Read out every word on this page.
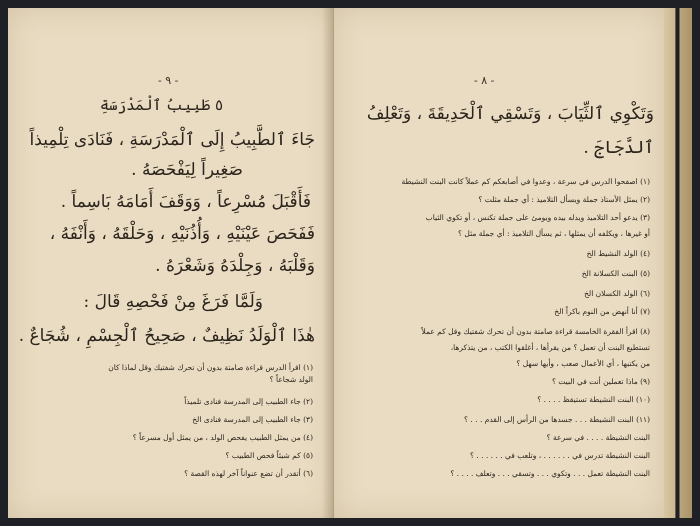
- ٩ -
٥ طَبِيبُ ٱلْمَدْرَسَةِ
جَاءَ ٱلطَّبِيبُ إِلَى ٱلْمَدْرَسَةِ ، فَنَادَى تِلْمِيذاً
صَغِيراً لِيَفْحَصَهُ .
فَأَقْبَلَ مُسْرِعاً ، وَوَقَفَ أَمَامَهُ بَاسِماً .
فَفَحَصَ عَيْنَيْهِ ، وَأُذُنَيْهِ ، وَحَلْقَهُ ، وَأَنْفَهُ ،
وَقَلْبَهُ ، وَجِلْدَهُ وَشَعْرَهُ .
وَلَمَّا فَرَغَ مِنْ فَحْصِهِ قَالَ :
هٰذَا ٱلْوَلَدُ نَظِيفٌ ، صَحِيحُ ٱلْجِسْمِ ، شُجَاعٌ .
(١) اقرأ الدرس قراءة صامتة بدون أن تحرك شفتيك وقل لماذا كان
الولد شجاعاً ؟
(٢) جاء الطبيب إلى المدرسة فنادى تلميذاً
(٣) جاء الطبيب إلى المدرسة فنادى الخ
(٤) من يمثل الطبيب يفحص الولد ، من يمثل أول مسرعاً ؟
(٥) كم شيئاً فحص الطبيب ؟
(٦) أتقدر أن تضع عنواناً آخر لهذه القصة ؟
- ٨ -
وَتَكْوِي ٱلثِّيَابَ ، وَتَسْقِي ٱلْحَدِيقَةَ ، وَتَعْلِفُ
ٱلدَّجَاجَ .
(١) اصفحوا الدرس في سرعة ، وعدوا في أصابعكم كم عملاً كانت البنت النشيطة
(٢) يمثل الأستاذ جملة ويسأل التلاميذ : أي جملة مثلت ؟
(٣) يدعو أحد التلاميذ ويدله بيده ويومئ على جملة تكنس ، أو تكوي الثياب
أو غيرها ، ويكلفه أن يمثلها ، ثم يسأل التلاميذ : أي جملة مثل ؟
(٤) الولد النشيط الخ
(٥) البنت الكسلانة الخ
(٦) الولد الكسلان الخ
(٧) أنا أنهض من النوم باكراً الخ
(٨) اقرأ الفقرة الخامسة قراءة صامتة بدون أن تحرك شفتيك وقل كم عملاً
تستطيع البنت أن تعمل ؟ من يقرأها ، أغلقوا الكتب ، من يتذكرها،
من يكتبها ، أي الأعمال صعب ، وأيها سهل ؟
(٩) ماذا تعملين أنت في البيت ؟
(١٠) البنت النشيطة تستيقظ . . . . ؟
(١١) البنت النشيطة . . . جسدها من الرأس إلى القدم . . . ؟
البنت النشيطة . . . . في سرعة ؟
البنت النشيطة تدرس في . . . . . . ، وتلعب في . . . . . . ؟
البنت النشيطة تعمل . . . وتكوي . . . وتسقي . . . وتعلف . . . . ؟
